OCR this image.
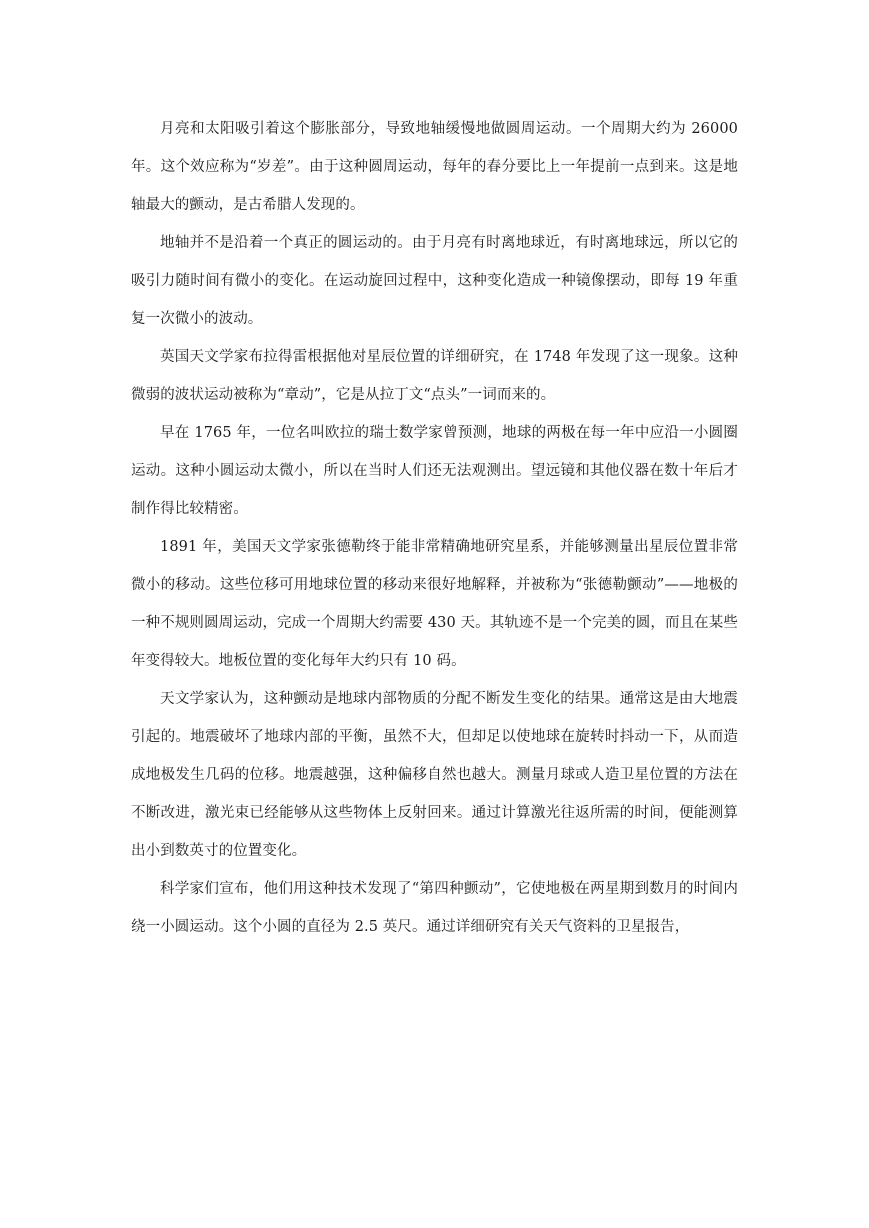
月亮和太阳吸引着这个膨胀部分，导致地轴缓慢地做圆周运动。一个周期大约为 26000 年。这个效应称为“岁差”。由于这种圆周运动，每年的春分要比上一年提前一点到来。这是地轴最大的颤动，是古希腊人发现的。

地轴并不是沿着一个真正的圆运动的。由于月亮有时离地球近，有时离地球远，所以它的吸引力随时间有微小的变化。在运动旋回过程中，这种变化造成一种镜像摆动，即每 19 年重复一次微小的波动。

英国天文学家布拉得雷根据他对星辰位置的详细研究，在 1748 年发现了这一现象。这种微弱的波状运动被称为“章动”，它是从拉丁文“点头”一词而来的。

早在 1765 年，一位名叫欧拉的瑞士数学家曾预测，地球的两极在每一年中应沿一小圆圈运动。这种小圆运动太微小，所以在当时人们还无法观测出。望远镜和其他仪器在数十年后才制作得比较精密。

1891 年，美国天文学家张德勒终于能非常精确地研究星系，并能够测量出星辰位置非常微小的移动。这些位移可用地球位置的移动来很好地解释，并被称为“张德勒颤动”——地极的一种不规则圆周运动，完成一个周期大约需要 430 天。其轨迹不是一个完美的圆，而且在某些年变得较大。地板位置的变化每年大约只有 10 码。

天文学家认为，这种颤动是地球内部物质的分配不断发生变化的结果。通常这是由大地震引起的。地震破坏了地球内部的平衡，虽然不大，但却足以使地球在旋转时抖动一下，从而造成地极发生几码的位移。地震越强，这种偏移自然也越大。测量月球或人造卫星位置的方法在不断改进，激光束已经能够从这些物体上反射回来。通过计算激光往返所需的时间，便能测算出小到数英寸的位置变化。

科学家们宣布，他们用这种技术发现了“第四种颤动”，它使地极在两星期到数月的时间内绕一小圆运动。这个小圆的直径为 2.5 英尺。通过详细研究有关天气资料的卫星报告，
